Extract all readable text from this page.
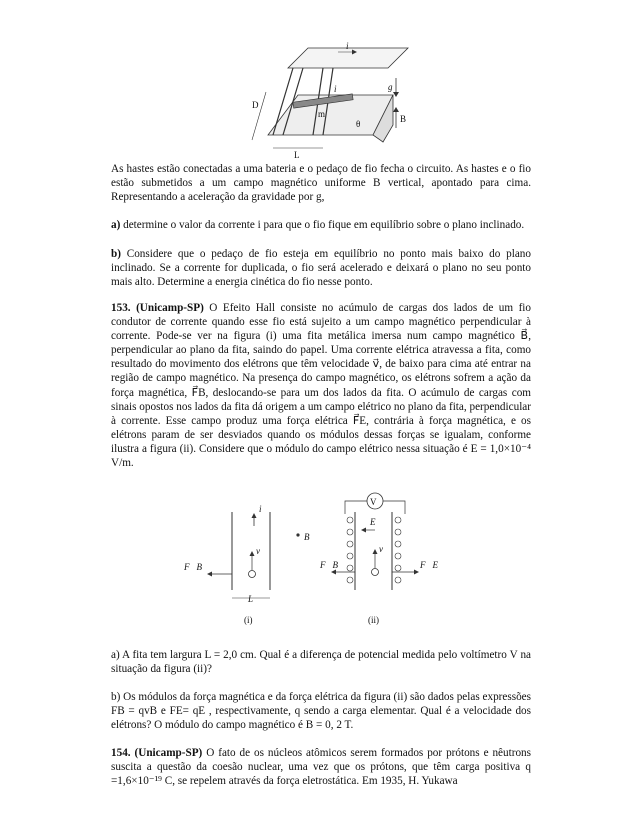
i
i	g
D
m
θ	B
L
As hastes estão conectadas a uma bateria e o pedaço de fio fecha o circuito. As hastes e o fio estão submetidos a um campo magnético uniforme B vertical, apontado para cima. Representando a aceleração da gravidade por g,
a) determine o valor da corrente i para que o fio fique em equilíbrio sobre o plano inclinado.
b) Considere que o pedaço de fio esteja em equilíbrio no ponto mais baixo do plano inclinado. Se a corrente for duplicada, o fio será acelerado e deixará o plano no seu ponto mais alto. Determine a energia cinética do fio nesse ponto.
153. (Unicamp-SP) O Efeito Hall consiste no acúmulo de cargas dos lados de um fio condutor de corrente quando esse fio está sujeito a um campo magnético perpendicular à corrente. Pode-se ver na figura (i) uma fita metálica imersa num campo magnético B⃗, perpendicular ao plano da fita, saindo do papel. Uma corrente elétrica atravessa a fita, como resultado do movimento dos elétrons que têm velocidade v⃗, de baixo para cima até entrar na região de campo magnético. Na presença do campo magnético, os elétrons sofrem a ação da força magnética, F⃗B, deslocando-se para um dos lados da fita. O acúmulo de cargas com sinais opostos nos lados da fita dá origem a um campo elétrico no plano da fita, perpendicular à corrente. Esse campo produz uma força elétrica F⃗E, contrária à força magnética, e os elétrons param de ser desviados quando os módulos dessas forças se igualam, conforme ilustra a figura (ii). Considere que o módulo do campo elétrico nessa situação é E = 1,0×10⁻⁴ V/m.
i
v
F⃗B
L
(i)
B⃗
V
E⃗
v
F⃗B	F⃗E
(ii)
a) A fita tem largura L = 2,0 cm. Qual é a diferença de potencial medida pelo voltímetro V na situação da figura (ii)?
b) Os módulos da força magnética e da força elétrica da figura (ii) são dados pelas expressões FB = qvB e FE= qE , respectivamente, q sendo a carga elementar. Qual é a velocidade dos elétrons? O módulo do campo magnético é B = 0, 2 T.
154. (Unicamp-SP) O fato de os núcleos atômicos serem formados por prótons e nêutrons suscita a questão da coesão nuclear, uma vez que os prótons, que têm carga positiva q =1,6×10⁻¹⁹ C, se repelem através da força eletrostática. Em 1935, H. Yukawa
